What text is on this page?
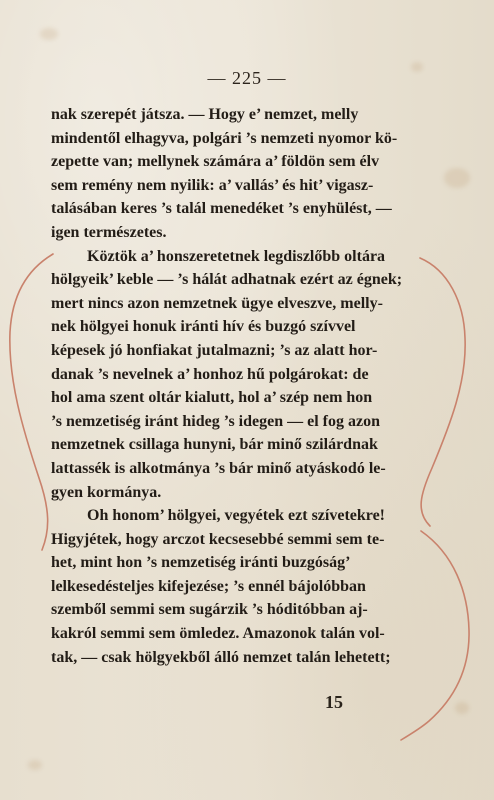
— 225 —

nak szerepét játsza. — Hogy e’ nemzet, melly
mindentől elhagyva, polgári ’s nemzeti nyomor kö-
zepette van; mellynek számára a’ földön sem élv
sem remény nem nyilik: a’ vallás’ és hit’ vigasz-
talásában keres ’s talál menedéket ’s enyhülést, —
igen természetes.

Köztök a’ honszeretetnek legdiszlőbb oltára
hölgyeik’ keble — ’s hálát adhatnak ezért az égnek;
mert nincs azon nemzetnek ügye elveszve, melly-
nek hölgyei honuk iránti hív és buzgó szívvel
képesek jó honfiakat jutalmazni; ’s az alatt hor-
danak ’s nevelnek a’ honhoz hű polgárokat: de
hol ama szent oltár kialutt, hol a’ szép nem hon
’s nemzetiség iránt hideg ’s idegen — el fog azon
nemzetnek csillaga hunyni, bár minő szilárdnak
lattassék is alkotmánya ’s bár minő atyáskodó le-
gyen kormánya.

Oh honom’ hölgyei, vegyétek ezt szívetekre!
Higyjétek, hogy arczot kecsesebbé semmi sem te-
het, mint hon ’s nemzetiség iránti buzgóság’
lelkesedésteljes kifejezése; ’s ennél bájolóbban
szemből semmi sem sugárzik ’s hóditóbban aj-
kakról semmi sem ömledez. Amazonok talán vol-
tak, — csak hölgyekből álló nemzet talán lehetett;

15
